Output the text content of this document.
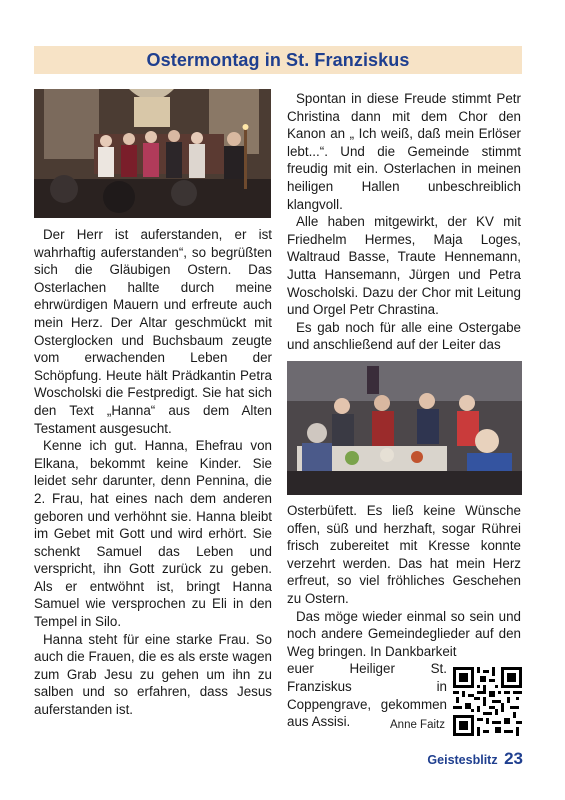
Ostermontag in St. Franziskus

Der Herr ist auferstanden, er ist wahrhaftig auferstanden“, so begrüßten sich die Gläubigen Ostern. Das Osterlachen hallte durch meine ehrwürdigen Mauern und erfreute auch mein Herz. Der Altar geschmückt mit Osterglocken und Buchsbaum zeugte vom erwachenden Leben der Schöpfung. Heute hält Prädkantin Petra Woscholski die Festpredigt. Sie hat sich den Text „Hanna“ aus dem Alten Testament ausgesucht.

Kenne ich gut. Hanna, Ehefrau von Elkana, bekommt keine Kinder. Sie leidet sehr darunter, denn Pennina, die 2. Frau, hat eines nach dem anderen geboren und verhöhnt sie. Hanna bleibt im Gebet mit Gott und wird erhört. Sie schenkt Samuel das Leben und verspricht, ihn Gott zurück zu geben. Als er entwöhnt ist, bringt Hanna Samuel wie versprochen zu Eli in den Tempel in Silo.

Hanna steht für eine starke Frau. So auch die Frauen, die es als erste wagen zum Grab Jesu zu gehen um ihn zu salben und so erfahren, dass Jesus auferstanden ist.

Spontan in diese Freude stimmt Petr Christina dann mit dem Chor den Kanon an „ Ich weiß, daß mein Erlöser lebt...“. Und die Gemeinde stimmt freudig mit ein. Osterlachen in meinen heiligen Hallen unbeschreiblich klangvoll.

Alle haben mitgewirkt, der KV mit Friedhelm Hermes, Maja Loges, Waltraud Basse, Traute Hennemann, Jutta Hansemann, Jürgen und Petra Woscholski. Dazu der Chor mit Leitung und Orgel Petr Chrastina.

Es gab noch für alle eine Ostergabe und anschließend auf der Leiter das

Osterbüfett. Es ließ keine Wünsche offen, süß und herzhaft, sogar Rührei frisch zubereitet mit Kresse konnte verzehrt werden. Das hat mein Herz erfreut, so viel fröhliches Geschehen zu Ostern.

Das möge wieder einmal so sein und noch andere Gemeindeglieder auf den Weg bringen. In Dankbarkeit

euer Heiliger St. Franziskus in Coppengrave, gekommen aus Assisi.	Anne Faitz
Geistesblitz 23
